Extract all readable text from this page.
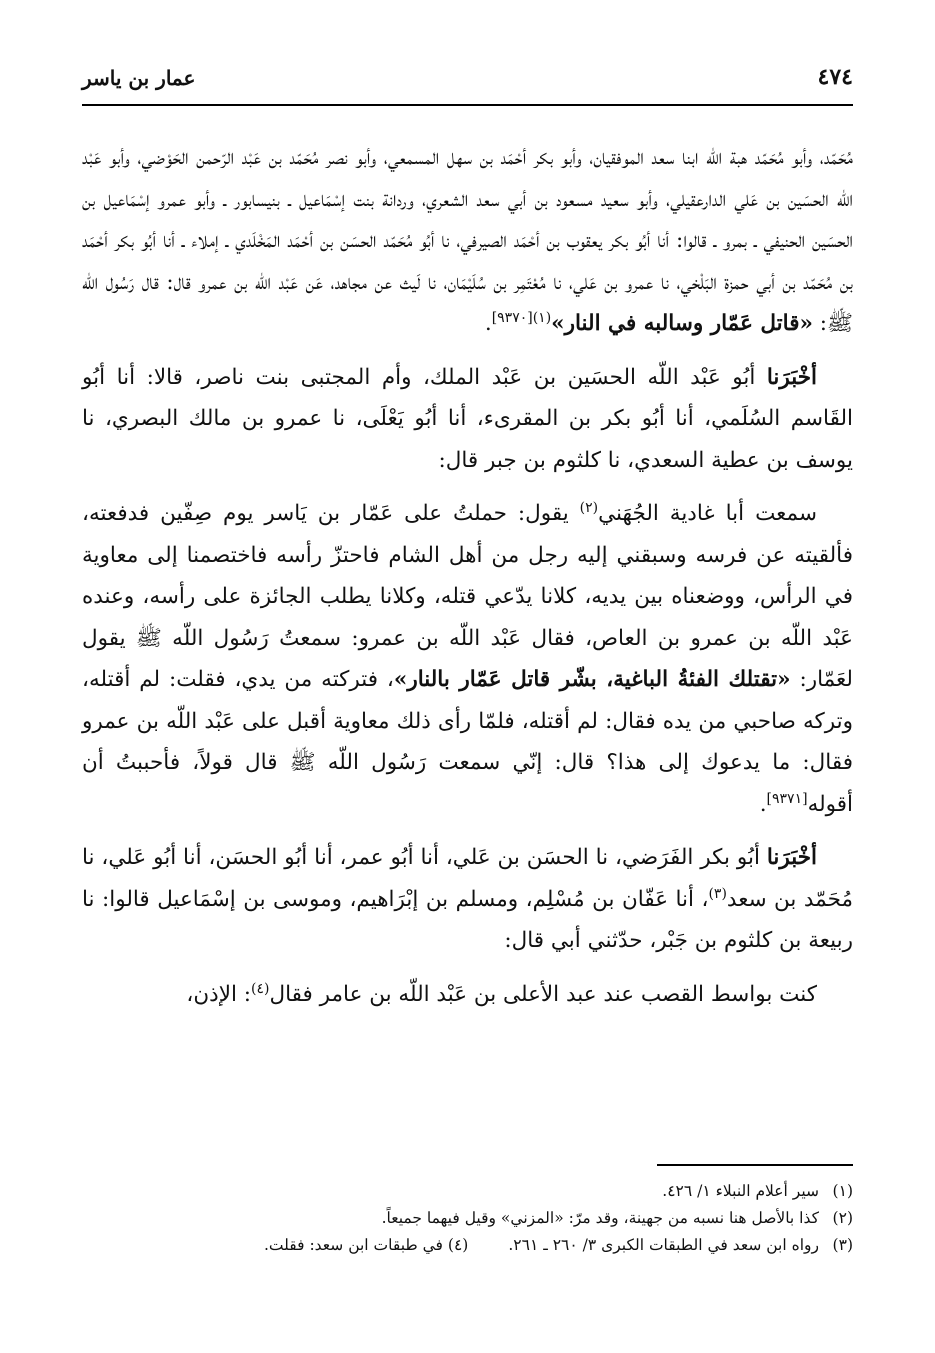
٤٧٤
عمار بن ياسر

مُحَمّد، وأبو مُحَمّد هبة اللّه ابنا سعد الموفقيان، وأبو بكر أحْمَد بن سهل المسمعي، وأبو نصر مُحَمّد بن عَبْد الرّحمن الحَوْضي، وأبو عَبْد اللّه الحسَين بن عَلي الدارعقيلي، وأبو سعيد مسعود بن أبي سعد الشعري، وردانة بنت إسْمَاعيل ـ بنيسابور ـ وأبو عمرو إسْمَاعيل بن الحسَين الحنيفي ـ بمرو ـ قالوا: أنا أبُو بكر يعقوب بن أحْمَد الصيرفي، نا أبُو مُحَمّد الحسَن بن أحْمَد المَخْلَدي ـ إملاء ـ أنا أبُو بكر أحْمَد بن مُحَمّد بن أبي حمزة البَلْخي، نا عمرو بن عَلي، نا مُعْتَمِر بن سُلَيْمَان، نا لَيث عن مجاهد، عَن عَبْد اللّه بن عمرو قال: قال رَسُول اللّه ﷺ: «قاتل عَمّار وسالبه في النار»$^{(١)[٩٣٧٠]}$.

أخْبَرَنا أبُو عَبْد اللّه الحسَين بن عَبْد الملك، وأم المجتبى بنت ناصر، قالا: أنا أبُو القَاسم السُلَمي، أنا أبُو بكر بن المقرىء، أنا أبُو يَعْلَى، نا عمرو بن مالك البصري، نا يوسف بن عطية السعدي، نا كلثوم بن جبر قال:

سمعت أبا غادية الجُهَني$^{(٢)}$ يقول: حملتُ على عَمّار بن يَاسر يوم صِفّين فدفعته، فألقيته عن فرسه وسبقني إليه رجل من أهل الشام فاحتزّ رأسه فاختصمنا إلى معاوية في الرأس، ووضعناه بين يديه، كلانا يدّعي قتله، وكلانا يطلب الجائزة على رأسه، وعنده عَبْد اللّه بن عمرو بن العاص، فقال عَبْد اللّه بن عمرو: سمعتُ رَسُول اللّه ﷺ يقول لعَمّار: «تقتلك الفئةُ الباغية، بشّر قاتل عَمّار بالنار»، فتركته من يدي، فقلت: لم أقتله، وتركه صاحبي من يده فقال: لم أقتله، فلمّا رأى ذلك معاوية أقبل على عَبْد اللّه بن عمرو فقال: ما يدعوك إلى هذا؟ قال: إنّي سمعت رَسُول اللّه ﷺ قال قولاً، فأحببتُ أن أقوله[٩٣٧١].

أخْبَرَنا أبُو بكر الفَرَضي، نا الحسَن بن عَلي، أنا أبُو عمر، أنا أبُو الحسَن، أنا أبُو عَلي، نا مُحَمّد بن سعد$^{(٣)}$، أنا عَفّان بن مُسْلِم، ومسلم بن إبْرَاهيم، وموسى بن إسْمَاعيل قالوا: نا ربيعة بن كلثوم بن جَبْر، حدّثني أبي قال:

كنت بواسط القصب عند عبد الأعلى بن عَبْد اللّه بن عامر فقال$^{(٤)}$: الإذن،

(١)
سير أعلام النبلاء ١/ ٤٢٦.
(٢)
كذا بالأصل هنا نسبه من جهينة، وقد مرّ: «المزني» وقيل فيهما جميعاً.
(٣)
رواه ابن سعد في الطبقات الكبرى ٣/ ٢٦٠ ـ ٢٦١.(٤) في طبقات ابن سعد: فقلت.
